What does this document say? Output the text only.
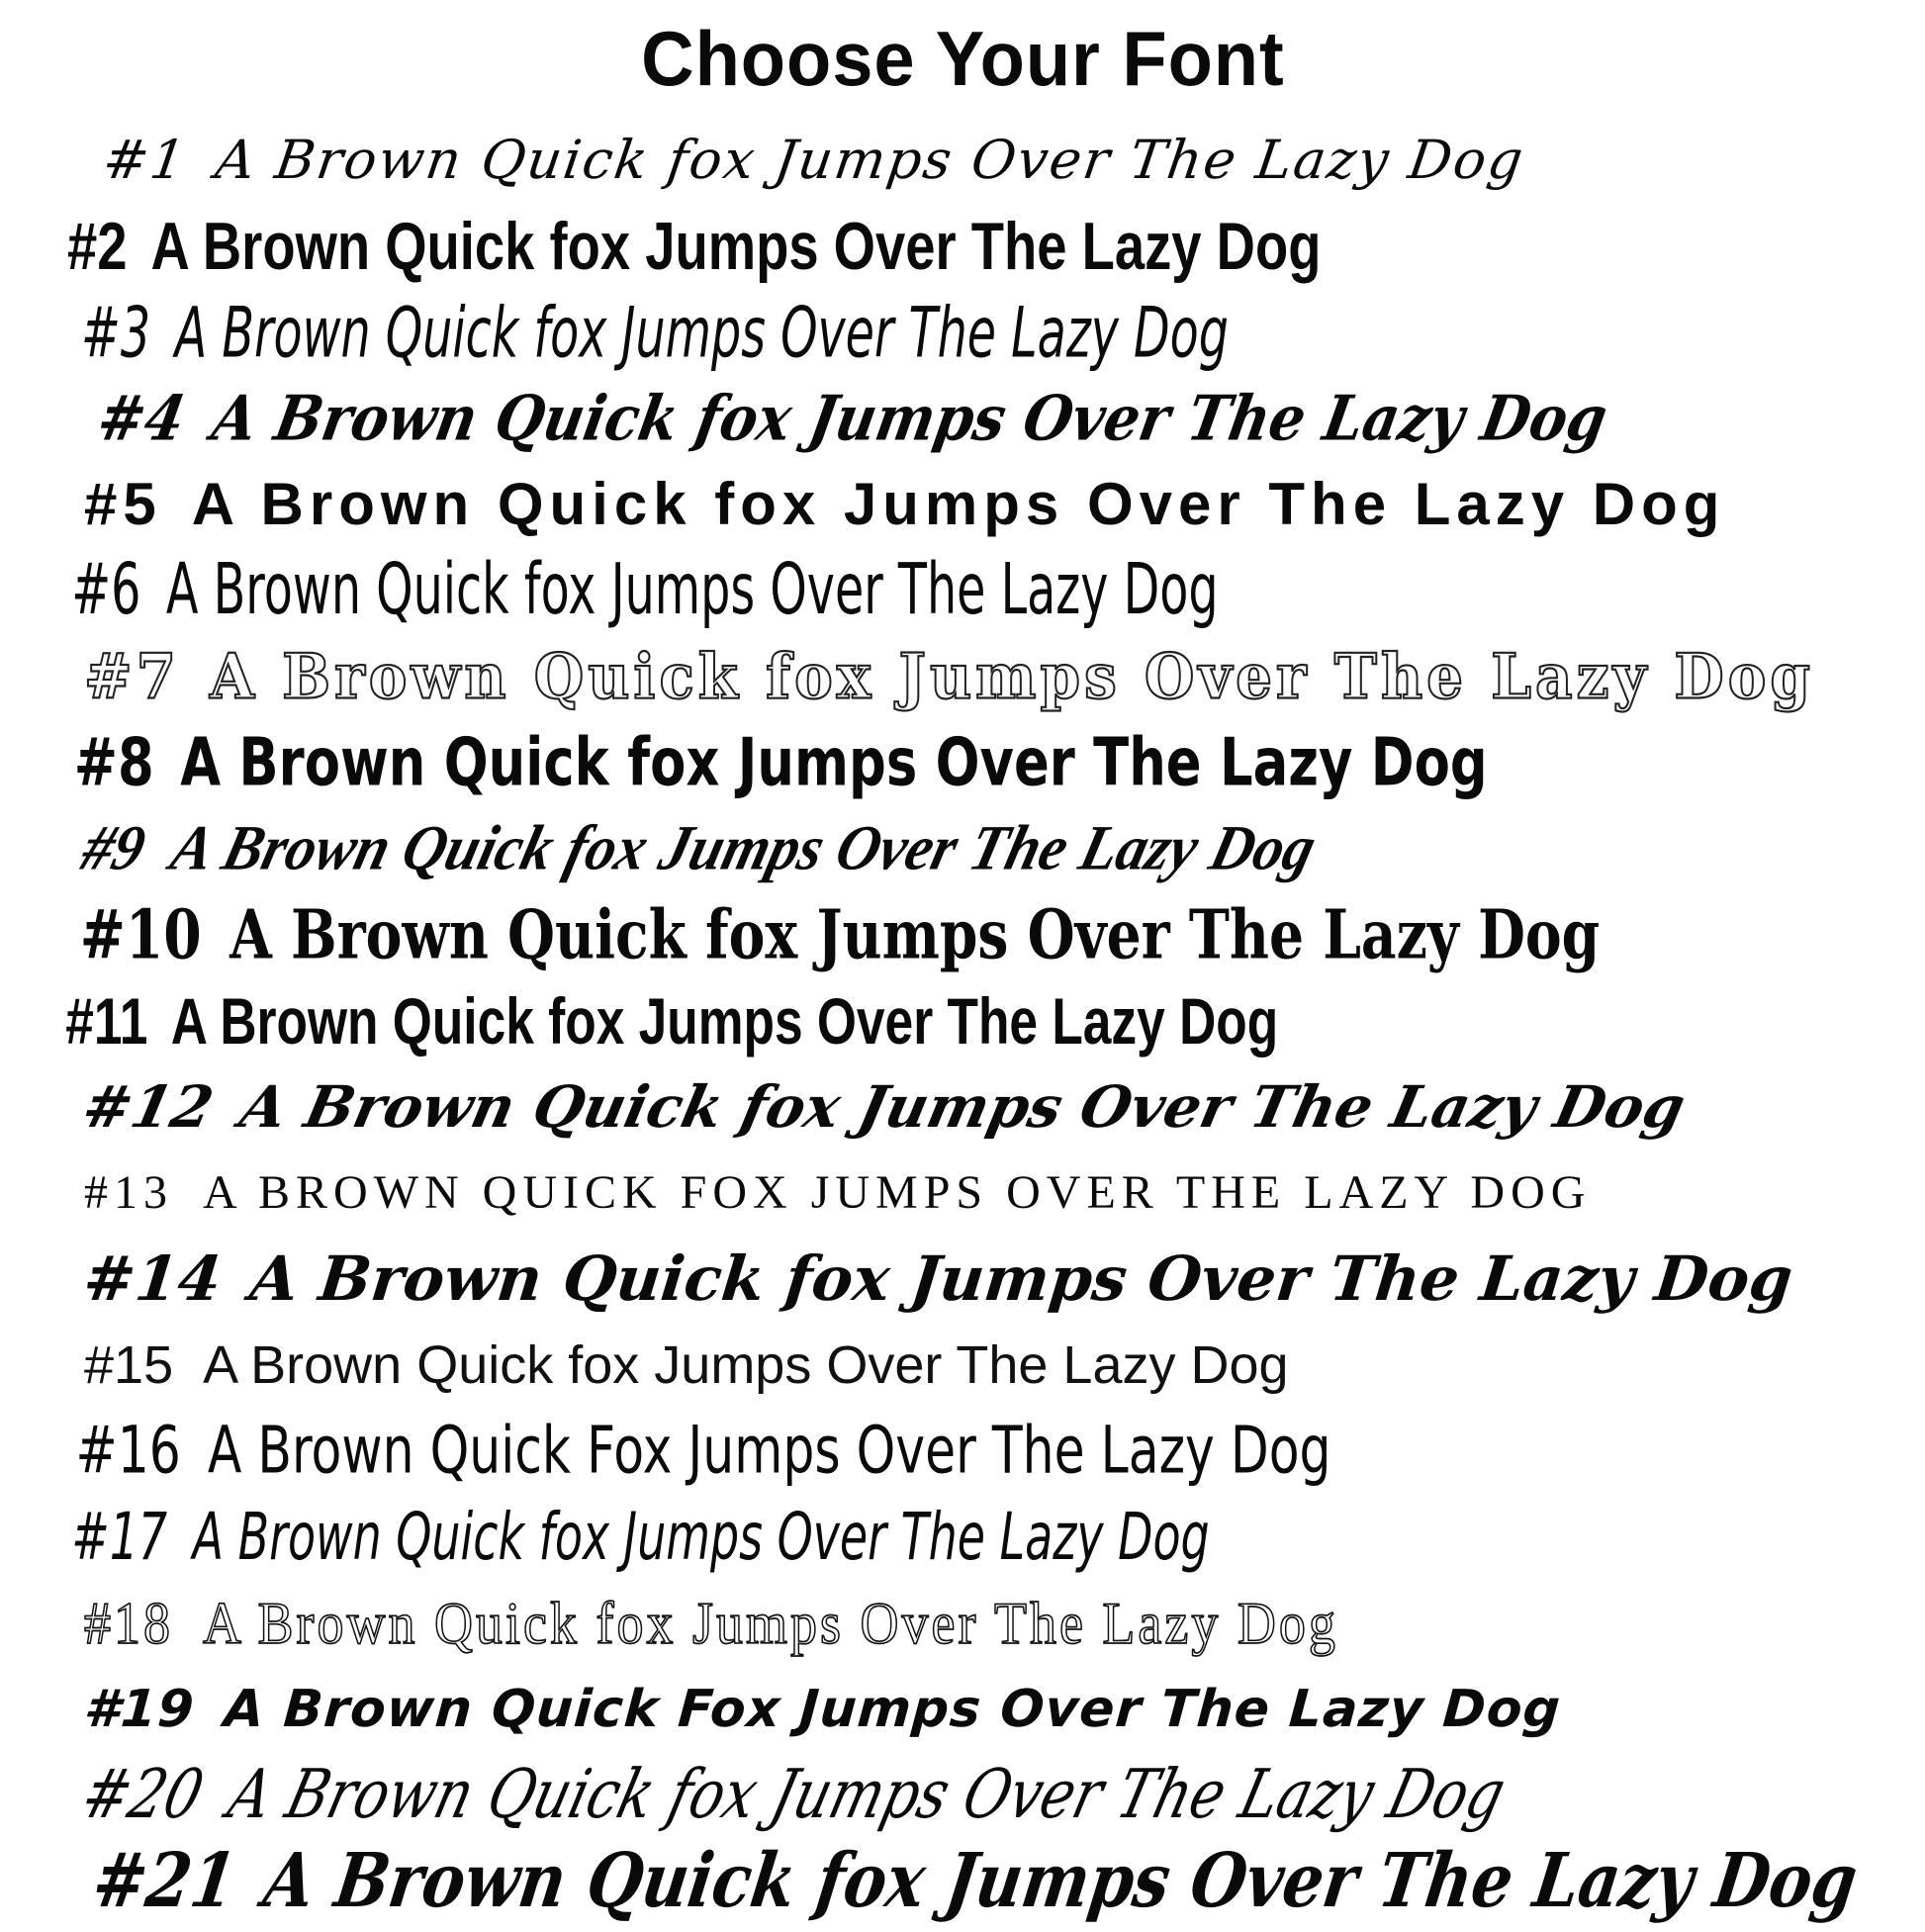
Choose Your Font
#1 A Brown Quick fox Jumps Over The Lazy Dog
#2 A Brown Quick fox Jumps Over The Lazy Dog
#3 A Brown Quick fox Jumps Over The Lazy Dog
#4 A Brown Quick fox Jumps Over The Lazy Dog
#5 A Brown Quick fox Jumps Over The Lazy Dog
#6 A Brown Quick fox Jumps Over The Lazy Dog
#7 A Brown Quick fox Jumps Over The Lazy Dog
#8 A Brown Quick fox Jumps Over The Lazy Dog
#9 A Brown Quick fox Jumps Over The Lazy Dog
#10 A Brown Quick fox Jumps Over The Lazy Dog
#11 A Brown Quick fox Jumps Over The Lazy Dog
#12 A Brown Quick fox Jumps Over The Lazy Dog
#13 A BROWN QUICK FOX JUMPS OVER THE LAZY DOG
#14 A Brown Quick fox Jumps Over The Lazy Dog
#15 A Brown Quick fox Jumps Over The Lazy Dog
#16 A Brown Quick Fox Jumps Over The Lazy Dog
#17 A Brown Quick fox Jumps Over The Lazy Dog
#18 A Brown Quick fox Jumps Over The Lazy Dog
#19 A Brown Quick Fox Jumps Over The Lazy Dog
#20 A Brown Quick fox Jumps Over The Lazy Dog
#21 A Brown Quick fox Jumps Over The Lazy Dog
